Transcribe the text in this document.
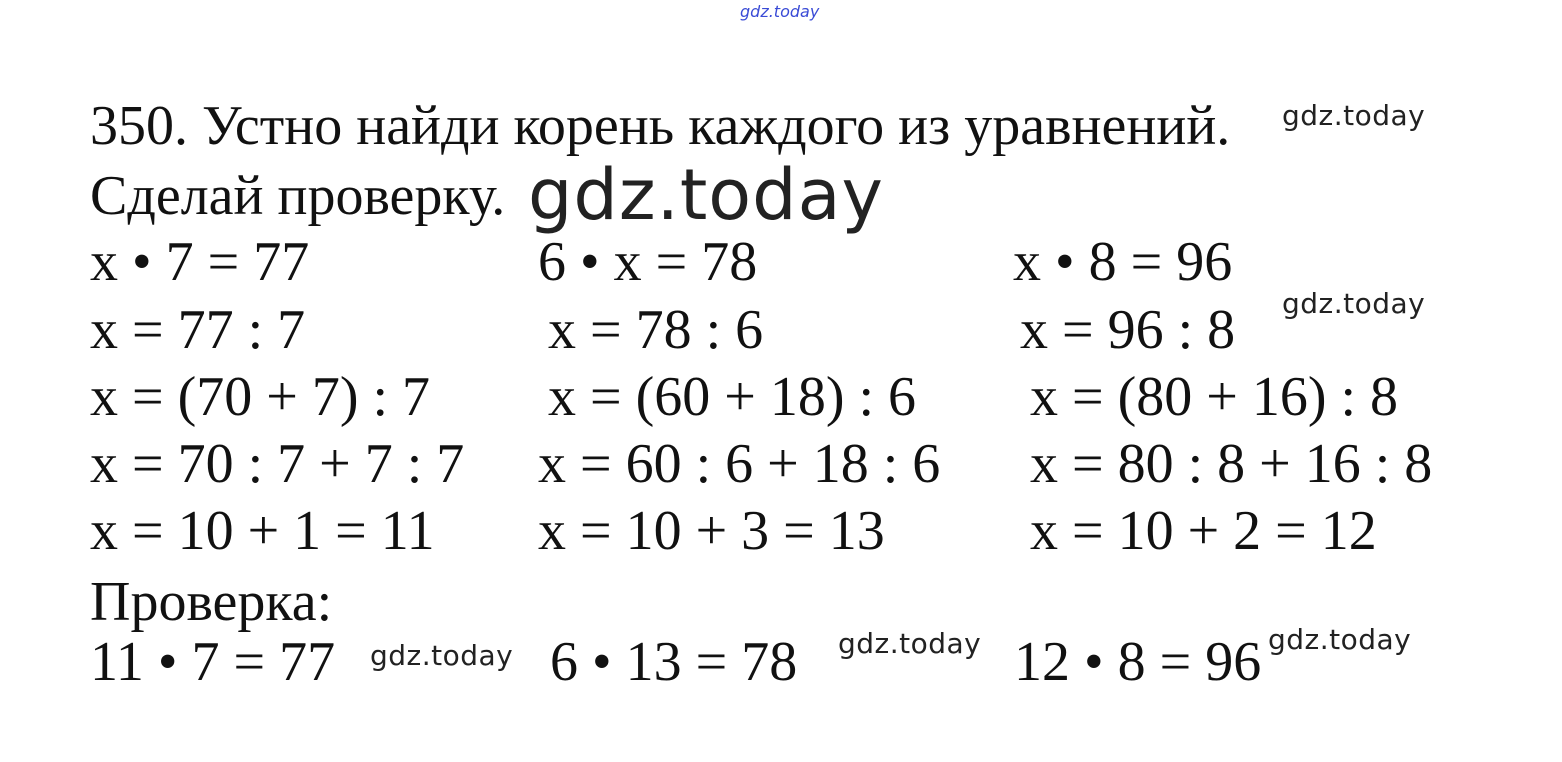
gdz.today
350. Устно найди корень каждого из уравнений. gdz.today
Сделай проверку. gdz.today
x • 7 = 77
x = 77 : 7
x = (70 + 7) : 7
x = 70 : 7 + 7 : 7
x = 10 + 1 = 11
6 • x = 78
x = 78 : 6
x = (60 + 18) : 6
x = 60 : 6 + 18 : 6
x = 10 + 3 = 13
x • 8 = 96
x = 96 : 8 gdz.today
x = (80 + 16) : 8
x = 80 : 8 + 16 : 8
x = 10 + 2 = 12
Проверка:
11 • 7 = 77 gdz.today 6 • 13 = 78 gdz.today 12 • 8 = 96 gdz.today
